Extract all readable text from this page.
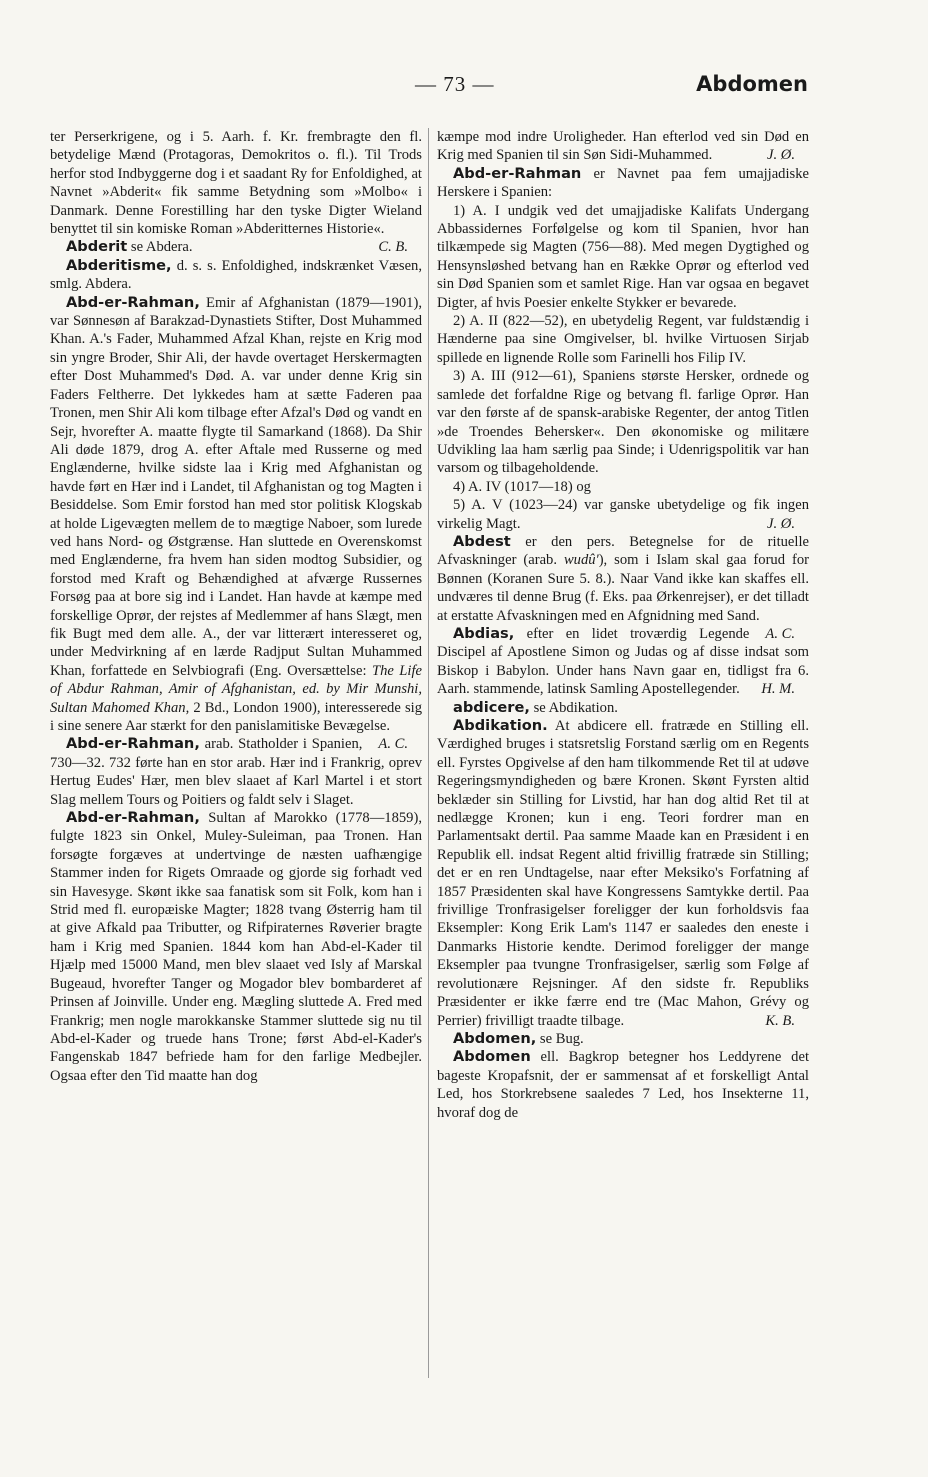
— 73 —	Abdomen

ter Perserkrigene, og i 5. Aarh. f. Kr. frembragte den fl. betydelige Mænd (Protagoras, Demokritos o. fl.). Til Trods herfor stod Indbyggerne dog i et saadant Ry for Enfoldighed, at Navnet »Abderit« fik samme Betydning som »Molbo« i Danmark. Denne Forestilling har den tyske Digter Wieland benyttet til sin komiske Roman »Abderitternes Historie«.
C. B.

Abderit se Abdera.

Abderitisme, d. s. s. Enfoldighed, indskrænket Væsen, smlg. Abdera.

Abd-er-Rahman, Emir af Afghanistan (1879—1901), var Sønnesøn af Barakzad-Dynastiets Stifter, Dost Muhammed Khan. A.'s Fader, Muhammed Afzal Khan, rejste en Krig mod sin yngre Broder, Shir Ali, der havde overtaget Herskermagten efter Dost Muhammed's Død. A. var under denne Krig sin Faders Feltherre. Det lykkedes ham at sætte Faderen paa Tronen, men Shir Ali kom tilbage efter Afzal's Død og vandt en Sejr, hvorefter A. maatte flygte til Samarkand (1868). Da Shir Ali døde 1879, drog A. efter Aftale med Russerne og med Englænderne, hvilke sidste laa i Krig med Afghanistan og havde ført en Hær ind i Landet, til Afghanistan og tog Magten i Besiddelse. Som Emir forstod han med stor politisk Klogskab at holde Ligevægten mellem de to mægtige Naboer, som lurede ved hans Nord- og Østgrænse. Han sluttede en Overenskomst med Englænderne, fra hvem han siden modtog Subsidier, og forstod med Kraft og Behændighed at afværge Russernes Forsøg paa at bore sig ind i Landet. Han havde at kæmpe med forskellige Oprør, der rejstes af Medlemmer af hans Slægt, men fik Bugt med dem alle. A., der var litterært interesseret og, under Medvirkning af en lærde Radjput Sultan Muhammed Khan, forfattede en Selvbiografi (Eng. Oversættelse: The Life of Abdur Rahman, Amir of Afghanistan, ed. by Mir Munshi, Sultan Mahomed Khan, 2 Bd., London 1900), interesserede sig i sine senere Aar stærkt for den panislamitiske Bevægelse.
A. C.

Abd-er-Rahman, arab. Statholder i Spanien, 730—32. 732 førte han en stor arab. Hær ind i Frankrig, oprev Hertug Eudes' Hær, men blev slaaet af Karl Martel i et stort Slag mellem Tours og Poitiers og faldt selv i Slaget.

Abd-er-Rahman, Sultan af Marokko (1778—1859), fulgte 1823 sin Onkel, Muley-Suleiman, paa Tronen. Han forsøgte forgæves at undertvinge de næsten uafhængige Stammer inden for Rigets Omraade og gjorde sig forhadt ved sin Havesyge. Skønt ikke saa fanatisk som sit Folk, kom han i Strid med fl. europæiske Magter; 1828 tvang Østerrig ham til at give Afkald paa Tributter, og Rifpiraternes Røverier bragte ham i Krig med Spanien. 1844 kom han Abd-el-Kader til Hjælp med 15000 Mand, men blev slaaet ved Isly af Marskal Bugeaud, hvorefter Tanger og Mogador blev bombarderet af Prinsen af Joinville. Under eng. Mægling sluttede A. Fred med Frankrig; men nogle marokkanske Stammer sluttede sig nu til Abd-el-Kader og truede hans Trone; først Abd-el-Kader's Fangenskab 1847 befriede ham for den farlige Medbejler. Ogsaa efter den Tid maatte han dog

kæmpe mod indre Uroligheder. Han efterlod ved sin Død en Krig med Spanien til sin Søn Sidi-Muhammed.	J. Ø.

Abd-er-Rahman er Navnet paa fem umajjadiske Herskere i Spanien:

1) A. I undgik ved det umajjadiske Kalifats Undergang Abbassidernes Forfølgelse og kom til Spanien, hvor han tilkæmpede sig Magten (756—88). Med megen Dygtighed og Hensynsløshed betvang han en Række Oprør og efterlod ved sin Død Spanien som et samlet Rige. Han var ogsaa en begavet Digter, af hvis Poesier enkelte Stykker er bevarede.

2) A. II (822—52), en ubetydelig Regent, var fuldstændig i Hænderne paa sine Omgivelser, bl. hvilke Virtuosen Sirjab spillede en lignende Rolle som Farinelli hos Filip IV.

3) A. III (912—61), Spaniens største Hersker, ordnede og samlede det forfaldne Rige og betvang fl. farlige Oprør. Han var den første af de spansk-arabiske Regenter, der antog Titlen »de Troendes Behersker«. Den økonomiske og militære Udvikling laa ham særlig paa Sinde; i Udenrigspolitik var han varsom og tilbageholdende.

4) A. IV (1017—18) og

5) A. V (1023—24) var ganske ubetydelige og fik ingen virkelig Magt.	J. Ø.

Abdest er den pers. Betegnelse for de rituelle Afvaskninger (arab. wudû'), som i Islam skal gaa forud for Bønnen (Koranen Sure 5. 8.). Naar Vand ikke kan skaffes ell. undværes til denne Brug (f. Eks. paa Ørkenrejser), er det tilladt at erstatte Afvaskningen med en Afgnidning med Sand.
A. C.

Abdias, efter en lidet troværdig Legende Discipel af Apostlene Simon og Judas og af disse indsat som Biskop i Babylon. Under hans Navn gaar en, tidligst fra 6. Aarh. stammende, latinsk Samling Apostellegender.	H. M.

abdicere, se Abdikation.

Abdikation. At abdicere ell. fratræde en Stilling ell. Værdighed bruges i statsretslig Forstand særlig om en Regents ell. Fyrstes Opgivelse af den ham tilkommende Ret til at udøve Regeringsmyndigheden og bære Kronen. Skønt Fyrsten altid beklæder sin Stilling for Livstid, har han dog altid Ret til at nedlægge Kronen; kun i eng. Teori fordrer man en Parlamentsakt dertil. Paa samme Maade kan en Præsident i en Republik ell. indsat Regent altid frivillig fratræde sin Stilling; det er en ren Undtagelse, naar efter Meksiko's Forfatning af 1857 Præsidenten skal have Kongressens Samtykke dertil. Paa frivillige Tronfrasigelser foreligger der kun forholdsvis faa Eksempler: Kong Erik Lam's 1147 er saaledes den eneste i Danmarks Historie kendte. Derimod foreligger der mange Eksempler paa tvungne Tronfrasigelser, særlig som Følge af revolutionære Rejsninger. Af den sidste fr. Republiks Præsidenter er ikke færre end tre (Mac Mahon, Grévy og Perrier) frivilligt traadte tilbage.	K. B.

Abdomen, se Bug.

Abdomen ell. Bagkrop betegner hos Leddyrene det bageste Kropafsnit, der er sammensat af et forskelligt Antal Led, hos Storkrebsene saaledes 7 Led, hos Insekterne 11, hvoraf dog de
